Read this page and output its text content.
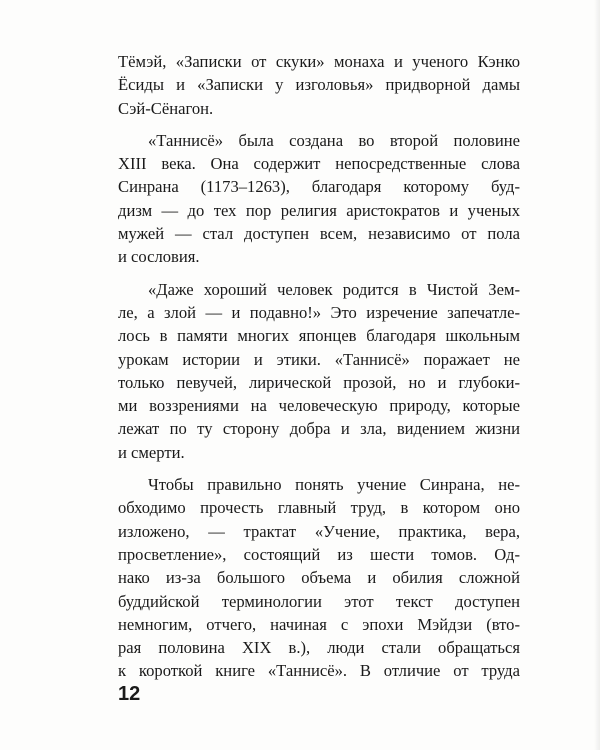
Тёмэй, «Записки от скуки» монаха и ученого Кэнко
Ёсиды и «Записки у изголовья» придворной дамы
Сэй-Сёнагон.
«Таннисё» была создана во второй половине
XIII века. Она содержит непосредственные слова
Синрана (1173–1263), благодаря которому буд-
дизм — до тех пор религия аристократов и ученых
мужей — стал доступен всем, независимо от пола
и сословия.
«Даже хороший человек родится в Чистой Зем-
ле, а злой — и подавно!» Это изречение запечатле-
лось в памяти многих японцев благодаря школьным
урокам истории и этики. «Таннисё» поражает не
только певучей, лирической прозой, но и глубоки-
ми воззрениями на человеческую природу, которые
лежат по ту сторону добра и зла, видением жизни
и смерти.
Чтобы правильно понять учение Синрана, не-
обходимо прочесть главный труд, в котором оно
изложено, — трактат «Учение, практика, вера,
просветление», состоящий из шести томов. Од-
нако из-за большого объема и обилия сложной
буддийской терминологии этот текст доступен
немногим, отчего, начиная с эпохи Мэйдзи (вто-
рая половина XIX в.), люди стали обращаться
к короткой книге «Таннисё». В отличие от труда
12
